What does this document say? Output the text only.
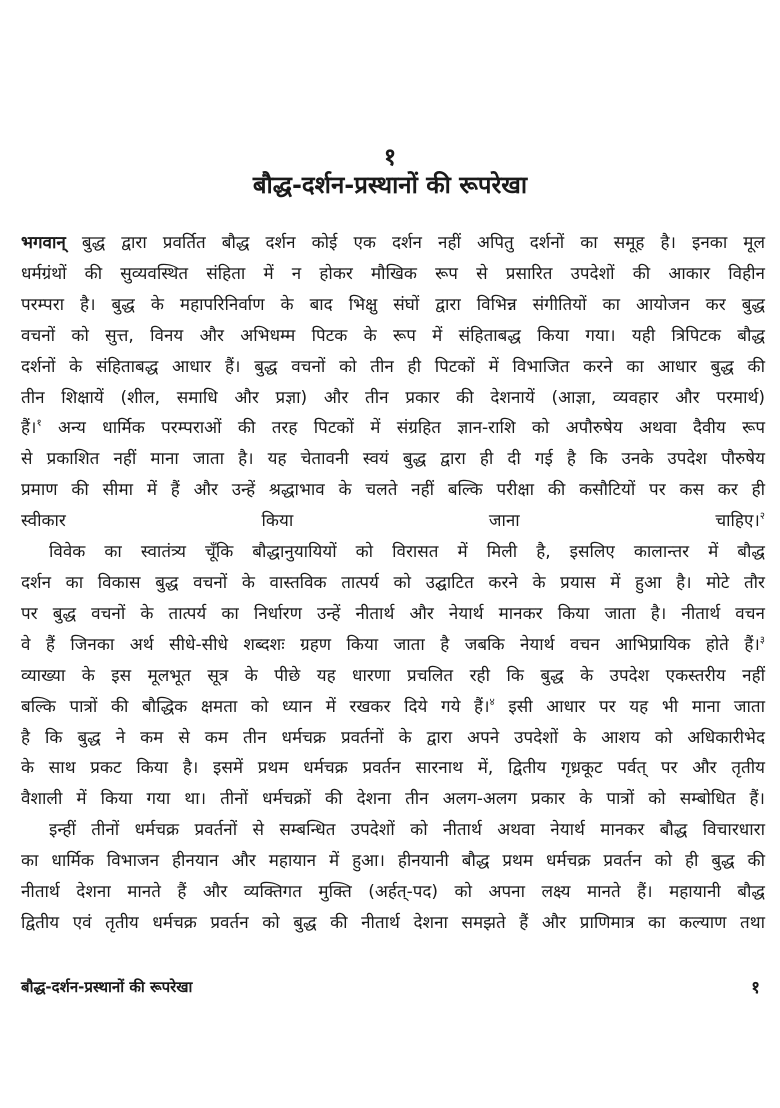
१
बौद्ध-दर्शन-प्रस्थानों की रूपरेखा

भगवान् बुद्ध द्वारा प्रवर्तित बौद्ध दर्शन कोई एक दर्शन नहीं अपितु दर्शनों का समूह है। इनका मूल
धर्मग्रंथों की सुव्यवस्थित संहिता में न होकर मौखिक रूप से प्रसारित उपदेशों की आकार विहीन
परम्परा है। बुद्ध के महापरिनिर्वाण के बाद भिक्षु संघों द्वारा विभिन्न संगीतियों का आयोजन कर बुद्ध
वचनों को सुत्त, विनय और अभिधम्म पिटक के रूप में संहिताबद्ध किया गया। यही त्रिपिटक बौद्ध
दर्शनों के संहिताबद्ध आधार हैं। बुद्ध वचनों को तीन ही पिटकों में विभाजित करने का आधार बुद्ध की
तीन शिक्षायें (शील, समाधि और प्रज्ञा) और तीन प्रकार की देशनायें (आज्ञा, व्यवहार और परमार्थ)
हैं।$^१$ अन्य धार्मिक परम्पराओं की तरह पिटकों में संग्रहित ज्ञान-राशि को अपौरुषेय अथवा दैवीय रूप
से प्रकाशित नहीं माना जाता है। यह चेतावनी स्वयं बुद्ध द्वारा ही दी गई है कि उनके उपदेश पौरुषेय
प्रमाण की सीमा में हैं और उन्हें श्रद्धाभाव के चलते नहीं बल्कि परीक्षा की कसौटियों पर कस कर ही
स्वीकार किया जाना चाहिए।$^२$

विवेक का स्वातंत्र्य चूँकि बौद्धानुयायियों को विरासत में मिली है, इसलिए कालान्तर में बौद्ध
दर्शन का विकास बुद्ध वचनों के वास्तविक तात्पर्य को उद्घाटित करने के प्रयास में हुआ है। मोटे तौर
पर बुद्ध वचनों के तात्पर्य का निर्धारण उन्हें नीतार्थ और नेयार्थ मानकर किया जाता है। नीतार्थ वचन
वे हैं जिनका अर्थ सीधे-सीधे शब्दशः ग्रहण किया जाता है जबकि नेयार्थ वचन आभिप्रायिक होते हैं।$^३$
व्याख्या के इस मूलभूत सूत्र के पीछे यह धारणा प्रचलित रही कि बुद्ध के उपदेश एकस्तरीय नहीं
बल्कि पात्रों की बौद्धिक क्षमता को ध्यान में रखकर दिये गये हैं।$^४$ इसी आधार पर यह भी माना जाता
है कि बुद्ध ने कम से कम तीन धर्मचक्र प्रवर्तनों के द्वारा अपने उपदेशों के आशय को अधिकारीभेद
के साथ प्रकट किया है। इसमें प्रथम धर्मचक्र प्रवर्तन सारनाथ में, द्वितीय गृध्रकूट पर्वत् पर और तृतीय
वैशाली में किया गया था। तीनों धर्मचक्रों की देशना तीन अलग-अलग प्रकार के पात्रों को सम्बोधित हैं।

इन्हीं तीनों धर्मचक्र प्रवर्तनों से सम्बन्धित उपदेशों को नीतार्थ अथवा नेयार्थ मानकर बौद्ध विचारधारा
का धार्मिक विभाजन हीनयान और महायान में हुआ। हीनयानी बौद्ध प्रथम धर्मचक्र प्रवर्तन को ही बुद्ध की
नीतार्थ देशना मानते हैं और व्यक्तिगत मुक्ति (अर्हत्-पद) को अपना लक्ष्य मानते हैं। महायानी बौद्ध
द्वितीय एवं तृतीय धर्मचक्र प्रवर्तन को बुद्ध की नीतार्थ देशना समझते हैं और प्राणिमात्र का कल्याण तथा

बौद्ध-दर्शन-प्रस्थानों की रूपरेखा	१
